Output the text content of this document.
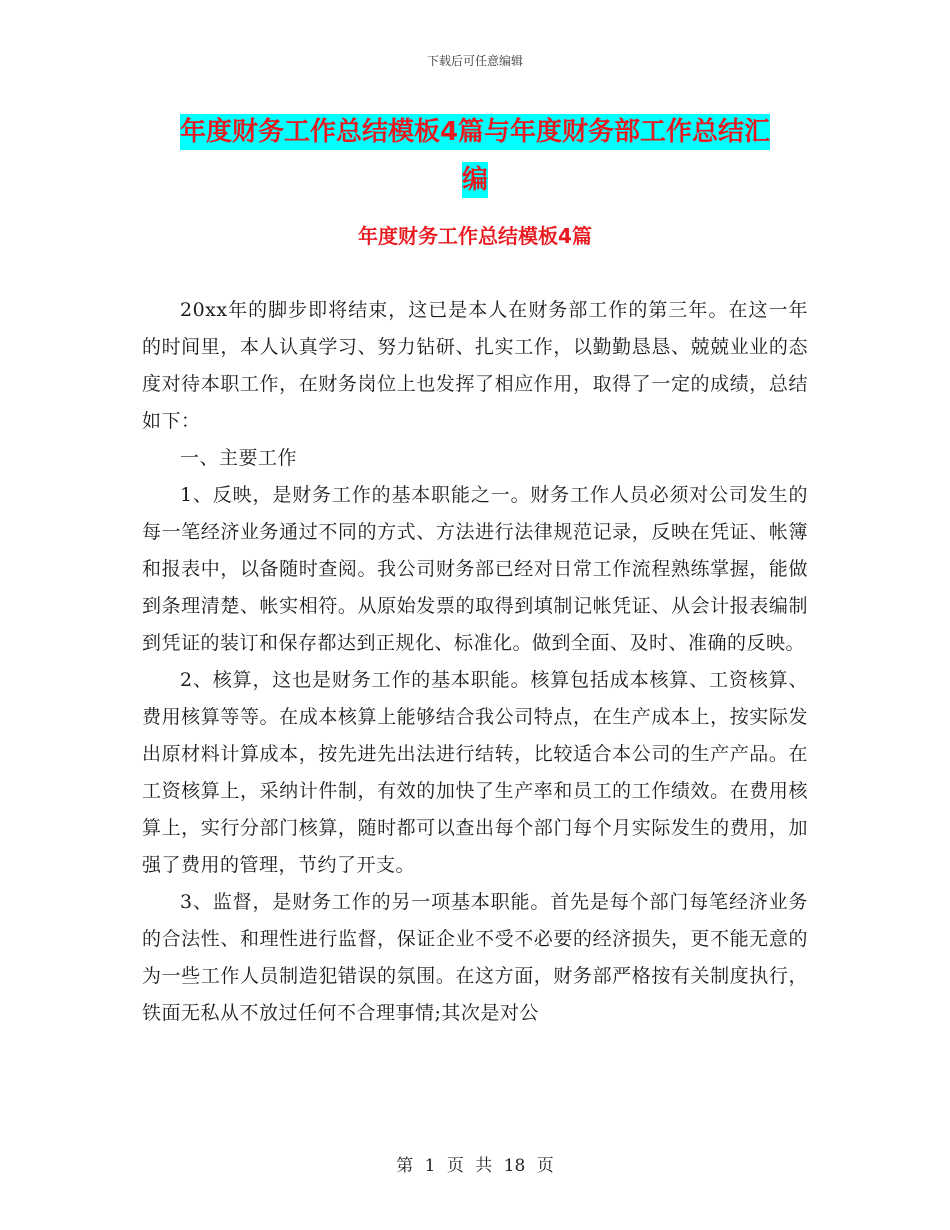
下载后可任意编辑
年度财务工作总结模板4篇与年度财务部工作总结汇
编
年度财务工作总结模板4篇

20xx年的脚步即将结束，这已是本人在财务部工作的第三年。在这一年的时间里，本人认真学习、努力钻研、扎实工作，以勤勤恳恳、兢兢业业的态度对待本职工作，在财务岗位上也发挥了相应作用，取得了一定的成绩，总结如下：

一、主要工作

1、反映，是财务工作的基本职能之一。财务工作人员必须对公司发生的每一笔经济业务通过不同的方式、方法进行法律规范记录，反映在凭证、帐簿和报表中，以备随时查阅。我公司财务部已经对日常工作流程熟练掌握，能做到条理清楚、帐实相符。从原始发票的取得到填制记帐凭证、从会计报表编制到凭证的装订和保存都达到正规化、标准化。做到全面、及时、准确的反映。

2、核算，这也是财务工作的基本职能。核算包括成本核算、工资核算、费用核算等等。在成本核算上能够结合我公司特点，在生产成本上，按实际发出原材料计算成本，按先进先出法进行结转，比较适合本公司的生产产品。在工资核算上，采纳计件制，有效的加快了生产率和员工的工作绩效。在费用核算上，实行分部门核算，随时都可以查出每个部门每个月实际发生的费用，加强了费用的管理，节约了开支。

3、监督，是财务工作的另一项基本职能。首先是每个部门每笔经济业务的合法性、和理性进行监督，保证企业不受不必要的经济损失，更不能无意的为一些工作人员制造犯错误的氛围。在这方面，财务部严格按有关制度执行，铁面无私从不放过任何不合理事情;其次是对公

第 1 页 共 18 页
